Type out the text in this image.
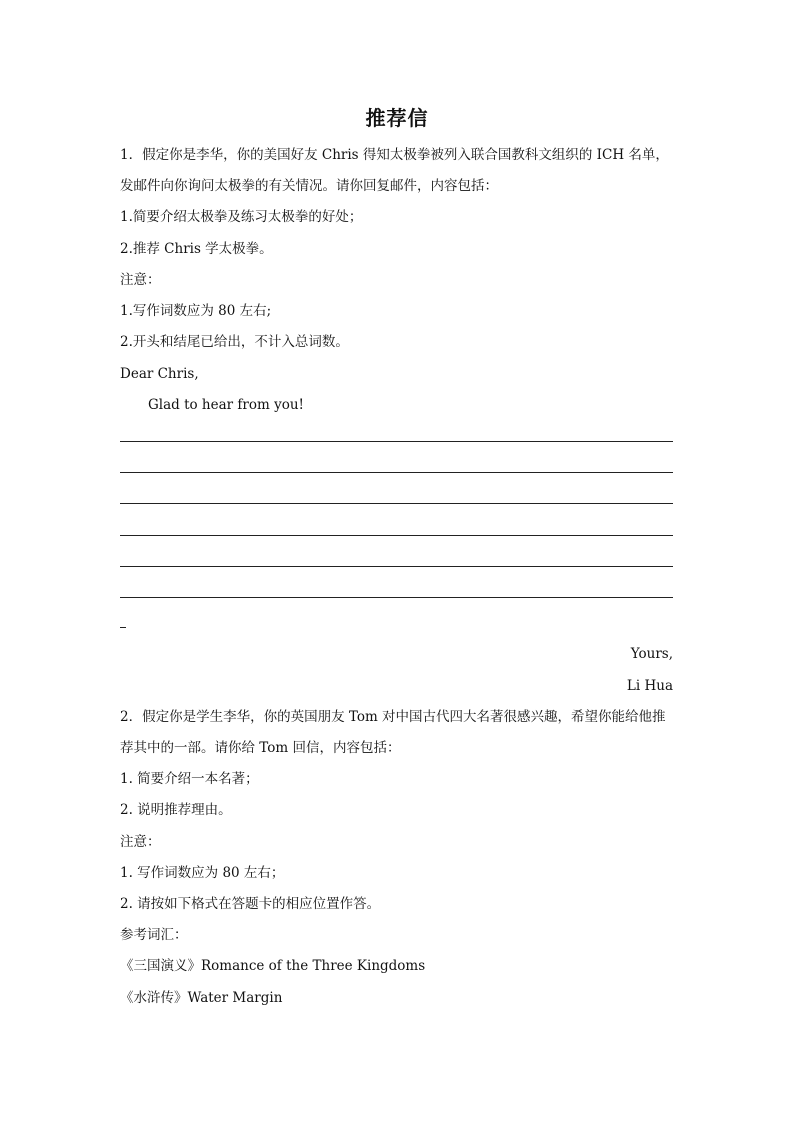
推荐信
1．假定你是李华，你的美国好友 Chris 得知太极拳被列入联合国教科文组织的 ICH 名单，
发邮件向你询问太极拳的有关情况。请你回复邮件，内容包括：
1.简要介绍太极拳及练习太极拳的好处；
2.推荐 Chris 学太极拳。
注意：
1.写作词数应为 80 左右;
2.开头和结尾已给出，不计入总词数。
Dear Chris,
Glad to hear from you!
Yours,
Li Hua
2．假定你是学生李华，你的英国朋友 Tom 对中国古代四大名著很感兴趣，希望你能给他推
荐其中的一部。请你给 Tom 回信，内容包括：
1. 简要介绍一本名著；
2. 说明推荐理由。
注意：
1. 写作词数应为 80 左右；
2. 请按如下格式在答题卡的相应位置作答。
参考词汇：
《三国演义》Romance of the Three Kingdoms
《水浒传》Water Margin
